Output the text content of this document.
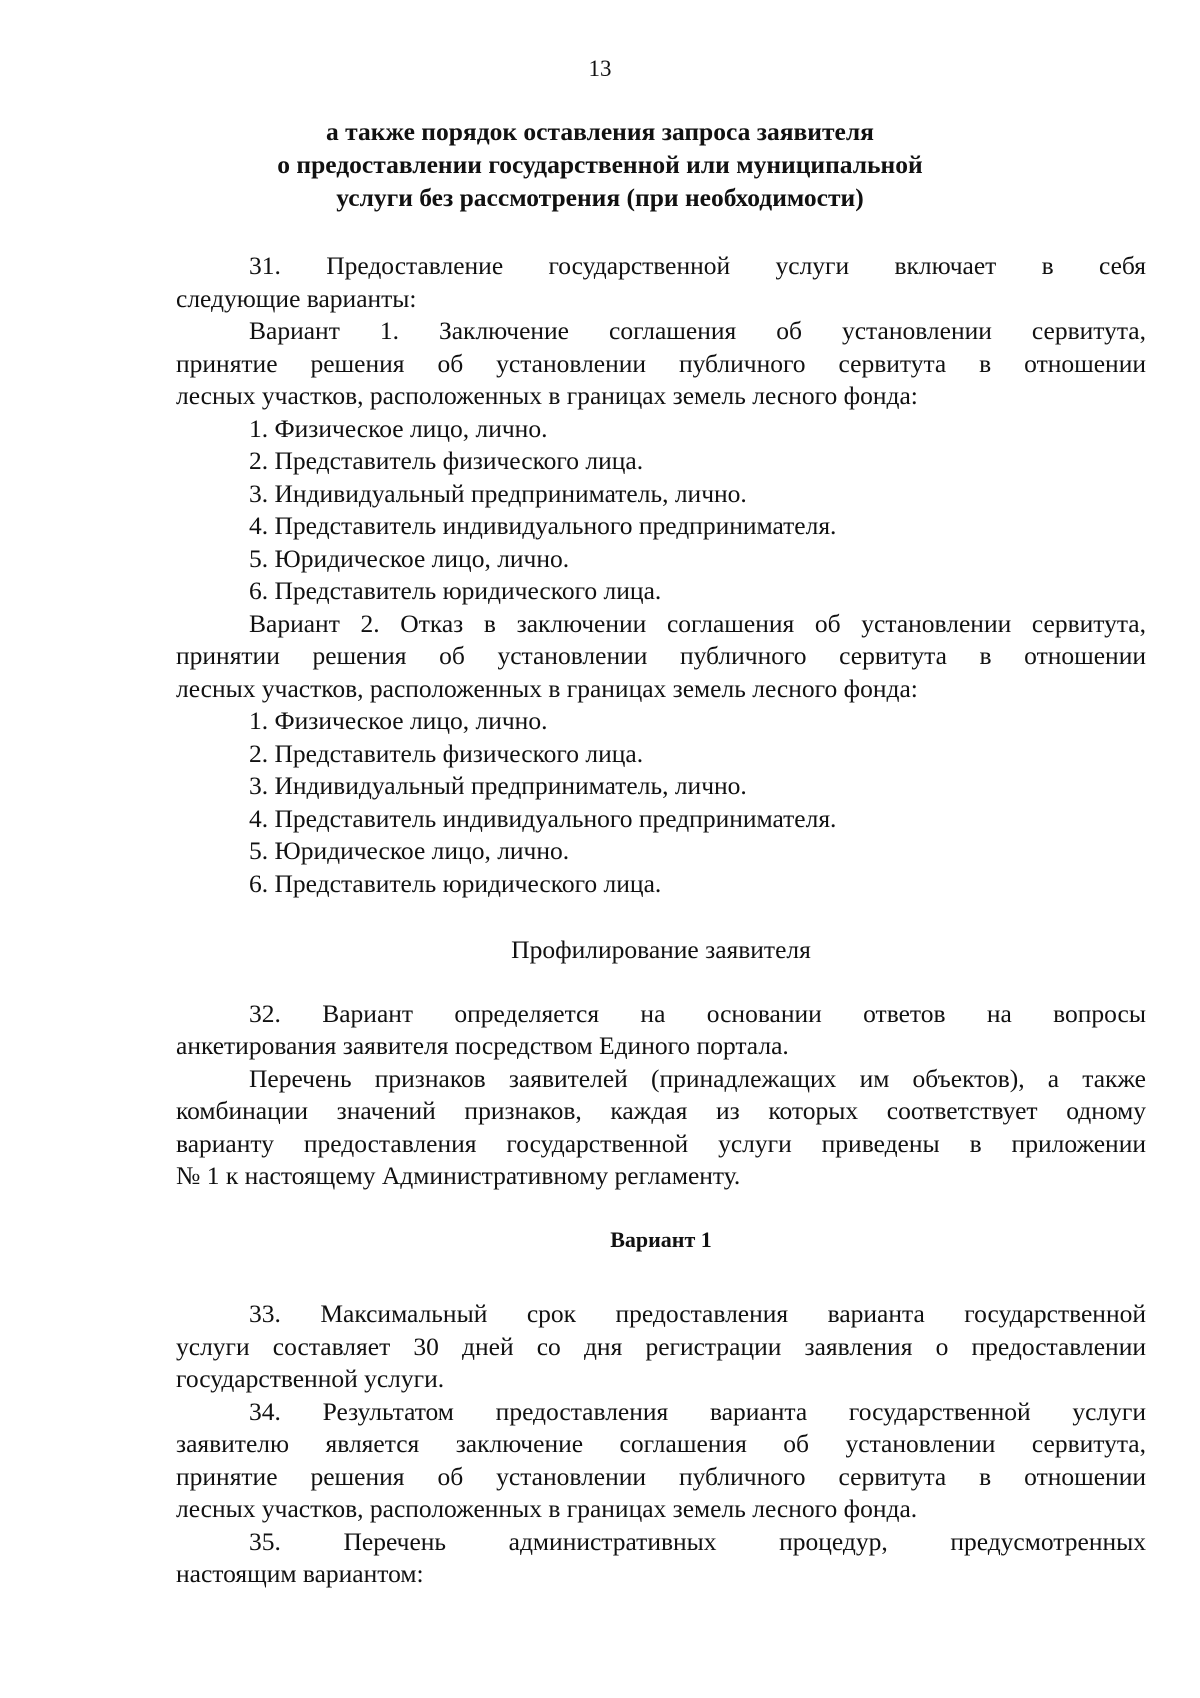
13
а также порядок оставления запроса заявителя
о предоставлении государственной или муниципальной
услуги без рассмотрения (при необходимости)
31. Предоставление государственной услуги включает в себя
следующие варианты:
Вариант 1. Заключение соглашения об установлении сервитута,
принятие решения об установлении публичного сервитута в отношении
лесных участков, расположенных в границах земель лесного фонда:
1. Физическое лицо, лично.
2. Представитель физического лица.
3. Индивидуальный предприниматель, лично.
4. Представитель индивидуального предпринимателя.
5. Юридическое лицо, лично.
6. Представитель юридического лица.
Вариант 2. Отказ в заключении соглашения об установлении сервитута,
принятии решения об установлении публичного сервитута в отношении
лесных участков, расположенных в границах земель лесного фонда:
1. Физическое лицо, лично.
2. Представитель физического лица.
3. Индивидуальный предприниматель, лично.
4. Представитель индивидуального предпринимателя.
5. Юридическое лицо, лично.
6. Представитель юридического лица.
Профилирование заявителя
32. Вариант определяется на основании ответов на вопросы
анкетирования заявителя посредством Единого портала.
Перечень признаков заявителей (принадлежащих им объектов), а также
комбинации значений признаков, каждая из которых соответствует одному
варианту предоставления государственной услуги приведены в приложении
№ 1 к настоящему Административному регламенту.
Вариант 1
33. Максимальный срок предоставления варианта государственной
услуги составляет 30 дней со дня регистрации заявления о предоставлении
государственной услуги.
34. Результатом предоставления варианта государственной услуги
заявителю является заключение соглашения об установлении сервитута,
принятие решения об установлении публичного сервитута в отношении
лесных участков, расположенных в границах земель лесного фонда.
35. Перечень административных процедур, предусмотренных
настоящим вариантом:
